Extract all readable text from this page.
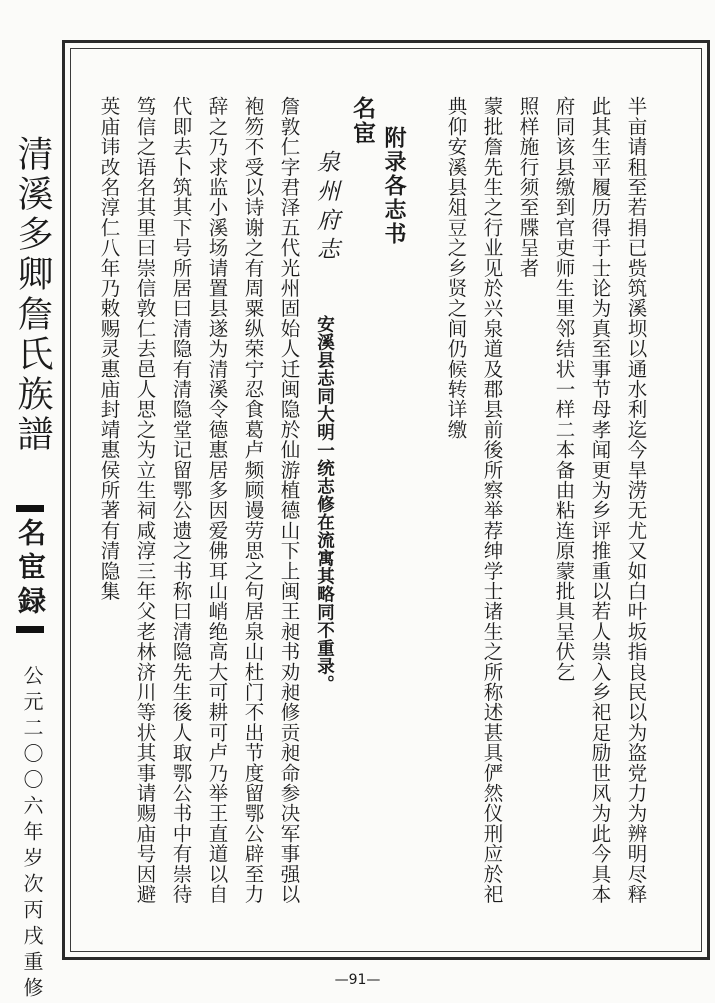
清溪多卿詹氏族譜
名宦録
公元二〇〇六年岁次丙戌重修	半亩请租至若捐已赀筑溪坝以通水利迄今旱涝无尤又如白叶坂指良民以为盗党力为辨明尽释
此其生平履历得于士论为真至事节母孝闻更为乡评推重以若人祟入乡祀足励世风为此今具本
府同该县缴到官吏师生里邻结状一样二本备由粘连原蒙批具呈伏乞
照样施行须至牒呈者
蒙批詹先生之行业见於兴泉道及郡县前後所察举荐绅学士诸生之所称述甚具俨然仪刑应於祀
典仰安溪县俎豆之乡贤之间仍候转详缴
附录各志书
名宦
泉州府志
安溪县志同大明一统志修在流寓其略同不重录。
詹敦仁字君泽五代光州固始人迁闽隐於仙游植德山下上闽王昶书劝昶修贡昶命参决军事强以
袍笏不受以诗谢之有周粟纵荣宁忍食葛卢频顾谩劳思之句居泉山杜门不出节度留鄂公辟至力
辞之乃求监小溪场请置县遂为清溪令德惠居多因爱佛耳山峭绝高大可耕可卢乃举王直道以自
代即去卜筑其下号所居曰清隐有清隐堂记留鄂公遗之书称曰清隐先生後人取鄂公书中有崇待
笃信之语名其里曰崇信敦仁去邑人思之为立生祠咸淳三年父老林济川等状其事请赐庙号因避
英庙讳改名淳仁八年乃敕赐灵惠庙封靖惠侯所著有清隐集
—91—
